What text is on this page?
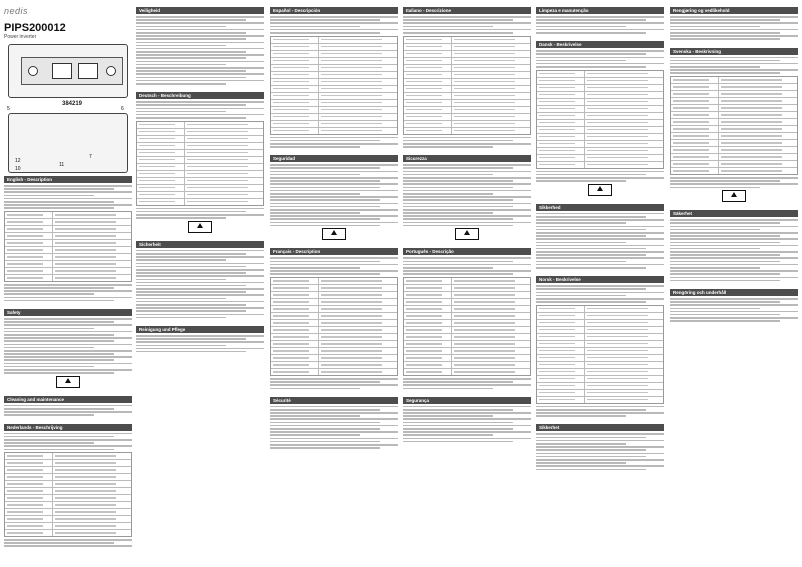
nedis
PIPS200012
Power inverter
384219
5
12
10
11
7
6
English - Description
Safety
Cleaning and maintenance
Nederlands - Beschrijving
Veiligheid
Deutsch - Beschreibung
Sicherheit
Reinigung und Pflege
Español - Descripción
Seguridad
Français - Description
Sécurité
Italiano - Descrizione
Sicurezza
Português - Descrição
Segurança
Limpeza e manutenção
Dansk - Beskrivelse
Sikkerhed
Norsk - Beskrivelse
Sikkerhet
Rengjøring og vedlikehold
Svenska - Beskrivning
Säkerhet
Rengöring och underhåll
